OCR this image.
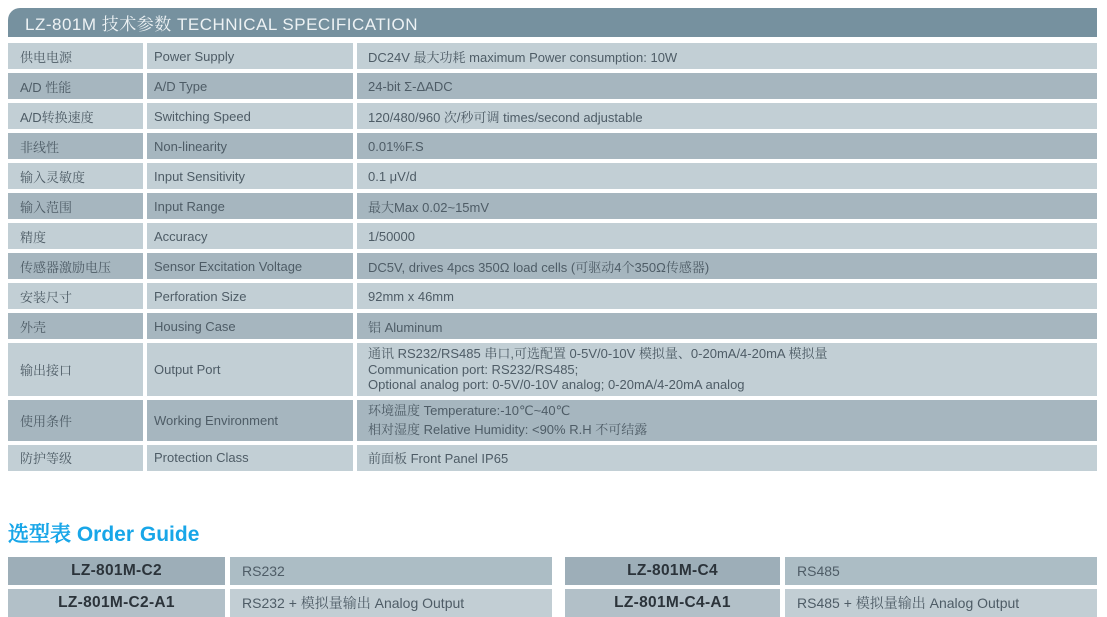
LZ-801M 技术参数 TECHNICAL SPECIFICATION
供电电源	Power Supply	DC24V 最大功耗 maximum Power consumption: 10W
A/D 性能	A/D Type	24-bit Σ-ΔADC
A/D转换速度	Switching Speed	120/480/960 次/秒可调 times/second adjustable
非线性	Non-linearity	0.01%F.S
输入灵敏度	Input Sensitivity	0.1 μV/d
输入范围	Input Range	最大Max 0.02~15mV
精度	Accuracy	1/50000
传感器激励电压	Sensor Excitation Voltage	DC5V, drives 4pcs 350Ω load cells (可驱动4个350Ω传感器)
安装尺寸	Perforation Size	92mm x 46mm
外壳	Housing Case	铝 Aluminum
输出接口	Output Port
通讯 RS232/RS485 串口,可选配置 0-5V/0-10V 模拟量、0-20mA/4-20mA 模拟量
Communication port: RS232/RS485;
Optional analog port: 0-5V/0-10V analog; 0-20mA/4-20mA analog
使用条件	Working Environment
环境温度 Temperature:-10℃~40℃
相对湿度 Relative Humidity: <90% R.H 不可结露
防护等级	Protection Class	前面板 Front Panel IP65
选型表 Order Guide
LZ-801M-C2	RS232	LZ-801M-C4	RS485
LZ-801M-C2-A1	RS232 + 模拟量输出 Analog Output	LZ-801M-C4-A1	RS485 + 模拟量输出 Analog Output
